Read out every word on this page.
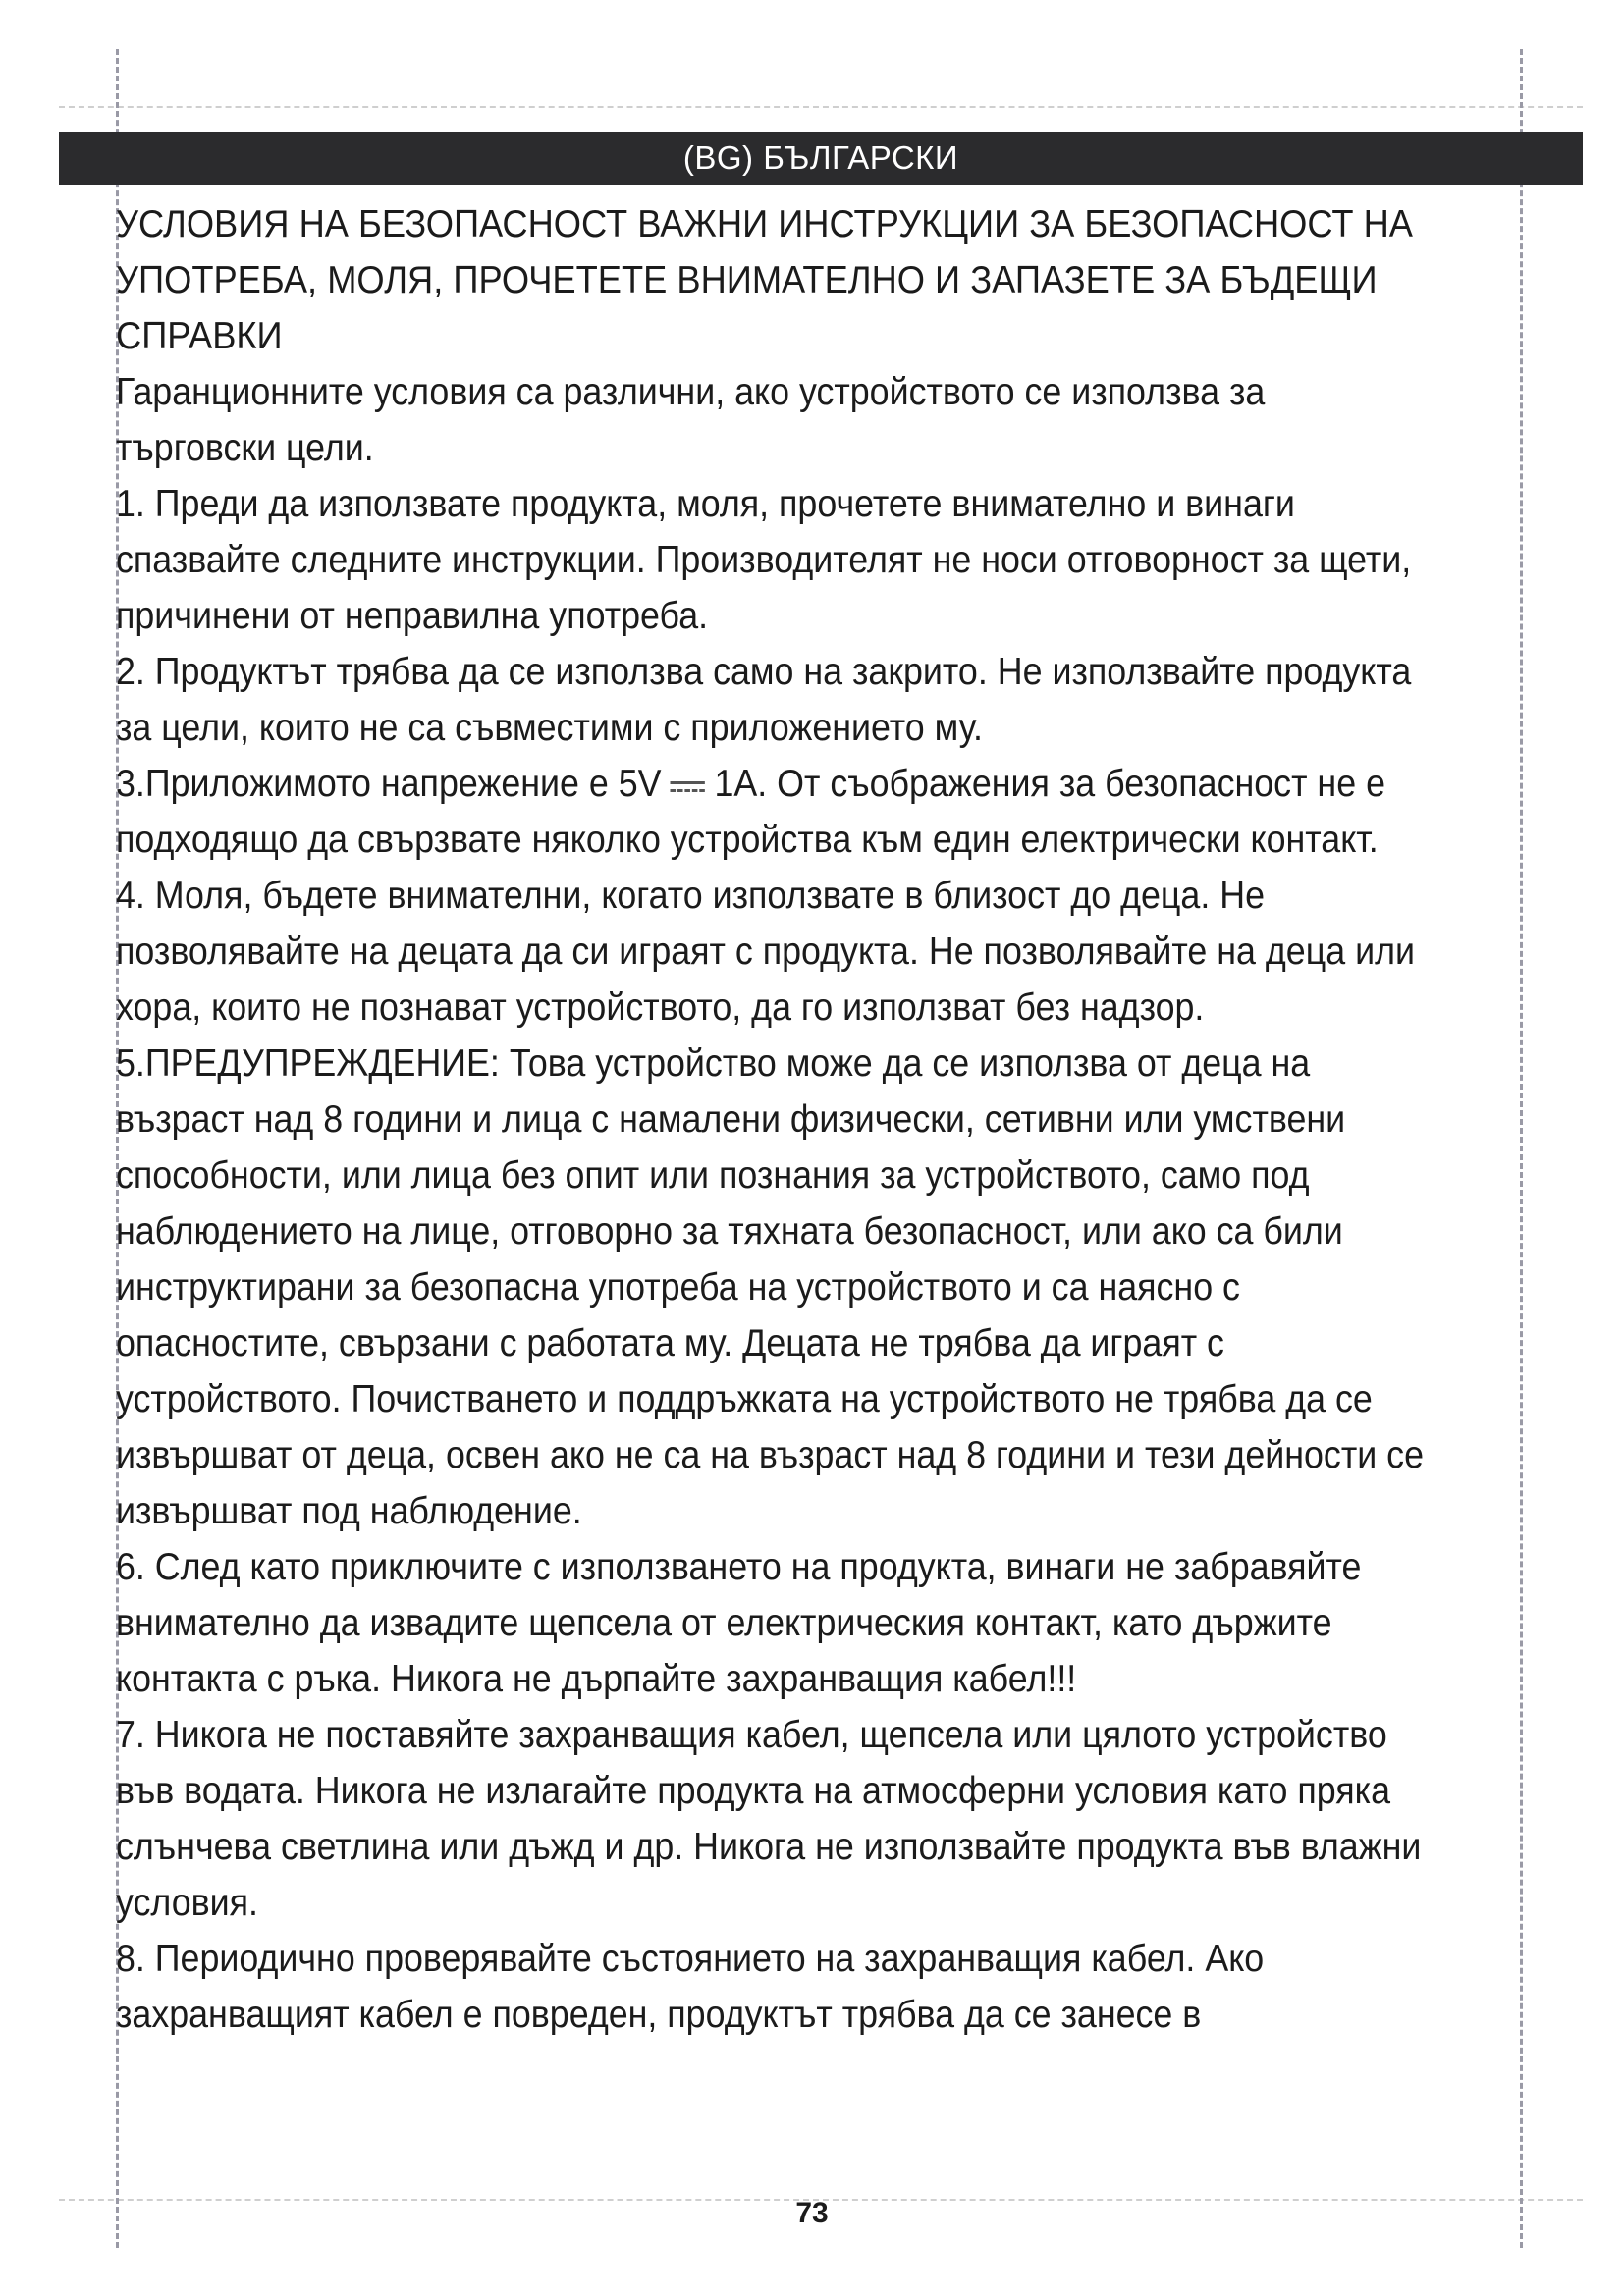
(BG) БЪЛГАРСКИ

УСЛОВИЯ НА БЕЗОПАСНОСТ ВАЖНИ ИНСТРУКЦИИ ЗА БЕЗОПАСНОСТ НА УПОТРЕБА, МОЛЯ, ПРОЧЕТЕТЕ ВНИМАТЕЛНО И ЗАПАЗЕТЕ ЗА БЪДЕЩИ СПРАВКИ

Гаранционните условия са различни, ако устройството се използва за търговски цели.

1. Преди да използвате продукта, моля, прочетете внимателно и винаги спазвайте следните инструкции. Производителят не носи отговорност за щети, причинени от неправилна употреба.

2. Продуктът трябва да се използва само на закрито. Не използвайте продукта за цели, които не са съвместими с приложението му.

3.Приложимото напрежение е 5V 1A. От съображения за безопасност не е подходящо да свързвате няколко устройства към един електрически контакт.

4. Моля, бъдете внимателни, когато използвате в близост до деца. Не позволявайте на децата да си играят с продукта. Не позволявайте на деца или хора, които не познават устройството, да го използват без надзор.

5.ПРЕДУПРЕЖДЕНИЕ: Това устройство може да се използва от деца на възраст над 8 години и лица с намалени физически, сетивни или умствени способности, или лица без опит или познания за устройството, само под наблюдението на лице, отговорно за тяхната безопасност, или ако са били инструктирани за безопасна употреба на устройството и са наясно с опасностите, свързани с работата му. Децата не трябва да играят с устройството. Почистването и поддръжката на устройството не трябва да се извършват от деца, освен ако не са на възраст над 8 години и тези дейности се извършват под наблюдение.

6. След като приключите с използването на продукта, винаги не забравяйте внимателно да извадите щепсела от електрическия контакт, като държите контакта с ръка. Никога не дърпайте захранващия кабел!!!

7. Никога не поставяйте захранващия кабел, щепсела или цялото устройство във водата. Никога не излагайте продукта на атмосферни условия като пряка слънчева светлина или дъжд и др. Никога не използвайте продукта във влажни условия.

8. Периодично проверявайте състоянието на захранващия кабел. Ако захранващият кабел е повреден, продуктът трябва да се занесе в

73
